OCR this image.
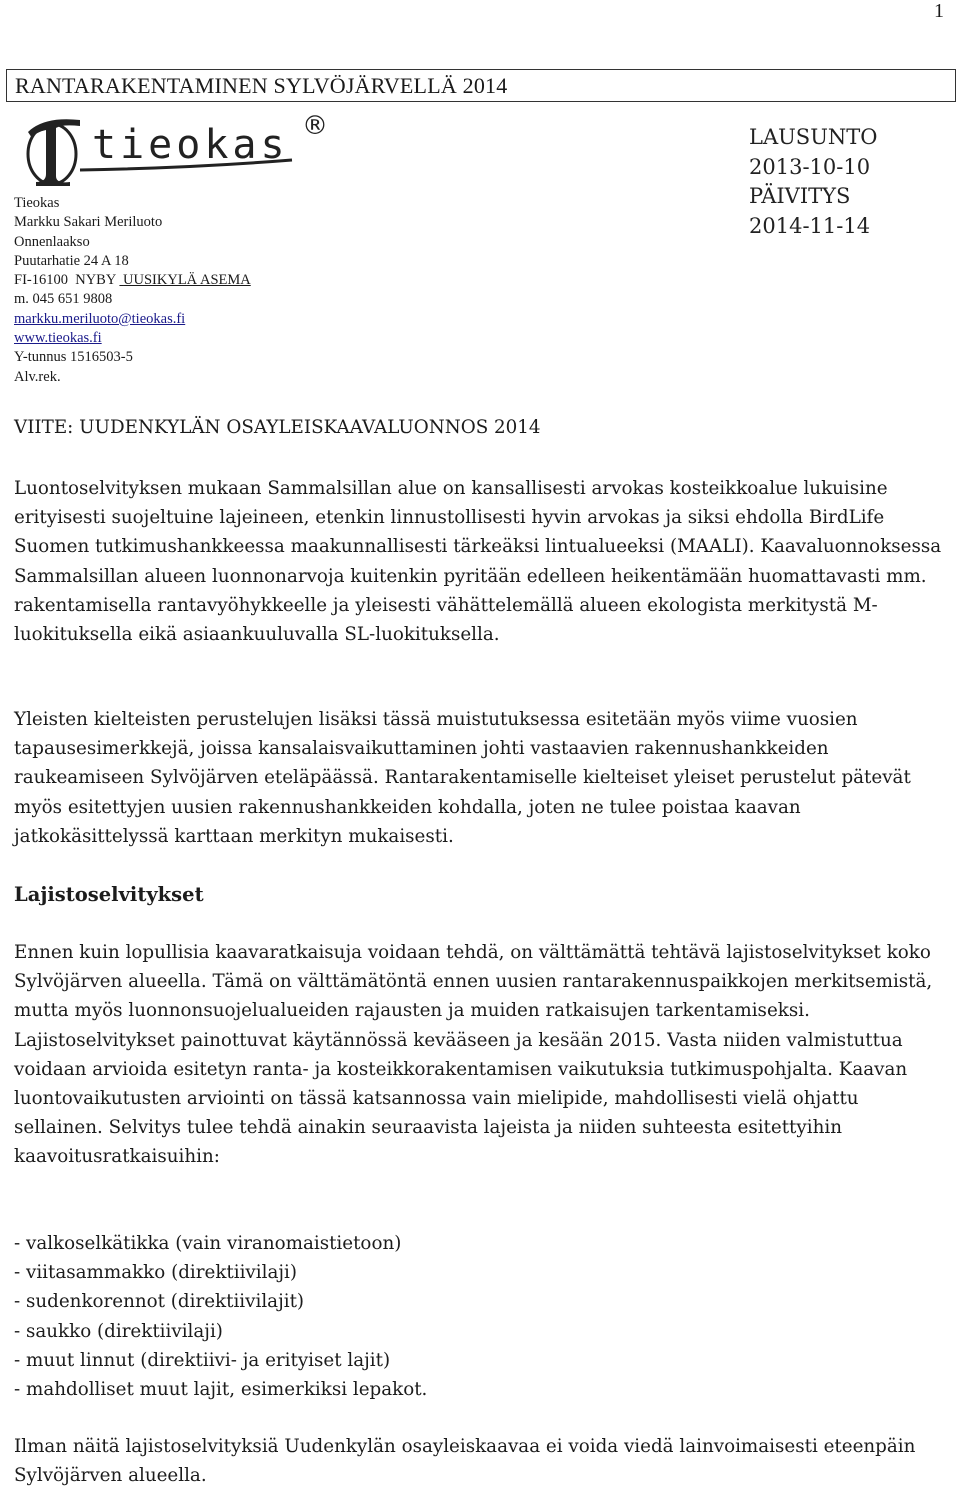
1
RANTARAKENTAMINEN SYLVÖJÄRVELLÄ 2014
tieokas ®
Tieokas
Markku Sakari Meriluoto
Onnenlaakso
Puutarhatie 24 A 18
FI-16100 NYBY UUSIKYLÄ ASEMA
m. 045 651 9808
markku.meriluoto@tieokas.fi
www.tieokas.fi
Y-tunnus 1516503-5
Alv.rek.
LAUSUNTO
2013-10-10
PÄIVITYS
2014-11-14
VIITE: UUDENKYLÄN OSAYLEISKAAVALUONNOS 2014

Luontoselvityksen mukaan Sammalsillan alue on kansallisesti arvokas kosteikkoalue lukuisine erityisesti suojeltuine lajeineen, etenkin linnustollisesti hyvin arvokas ja siksi ehdolla BirdLife Suomen tutkimushankkeessa maakunnallisesti tärkeäksi lintualueeksi (MAALI). Kaavaluonnoksessa Sammalsillan alueen luonnonarvoja kuitenkin pyritään edelleen heikentämään huomattavasti mm. rakentamisella rantavyöhykkeelle ja yleisesti vähättelemällä alueen ekologista merkitystä M-luokituksella eikä asiaankuuluvalla SL-luokituksella.

Yleisten kielteisten perustelujen lisäksi tässä muistutuksessa esitetään myös viime vuosien tapausesimerkkejä, joissa kansalaisvaikuttaminen johti vastaavien rakennushankkeiden raukeamiseen Sylvöjärven eteläpäässä. Rantarakentamiselle kielteiset yleiset perustelut pätevät myös esitettyjen uusien rakennushankkeiden kohdalla, joten ne tulee poistaa kaavan jatkokäsittelyssä karttaan merkityn mukaisesti.

Lajistoselvitykset

Ennen kuin lopullisia kaavaratkaisuja voidaan tehdä, on välttämättä tehtävä lajistoselvitykset koko Sylvöjärven alueella. Tämä on välttämätöntä ennen uusien rantarakennuspaikkojen merkitsemistä, mutta myös luonnonsuojelualueiden rajausten ja muiden ratkaisujen tarkentamiseksi. Lajistoselvitykset painottuvat käytännössä kevääseen ja kesään 2015. Vasta niiden valmistuttua voidaan arvioida esitetyn ranta- ja kosteikkorakentamisen vaikutuksia tutkimuspohjalta. Kaavan luontovaikutusten arviointi on tässä katsannossa vain mielipide, mahdollisesti vielä ohjattu sellainen. Selvitys tulee tehdä ainakin seuraavista lajeista ja niiden suhteesta esitettyihin kaavoitusratkaisuihin:

- valkoselkätikka (vain viranomaistietoon)
- viitasammakko (direktiivilaji)
- sudenkorennot (direktiivilajit)
- saukko (direktiivilaji)
- muut linnut (direktiivi- ja erityiset lajit)
- mahdolliset muut lajit, esimerkiksi lepakot.

Ilman näitä lajistoselvityksiä Uudenkylän osayleiskaavaa ei voida viedä lainvoimaisesti eteenpäin Sylvöjärven alueella.
